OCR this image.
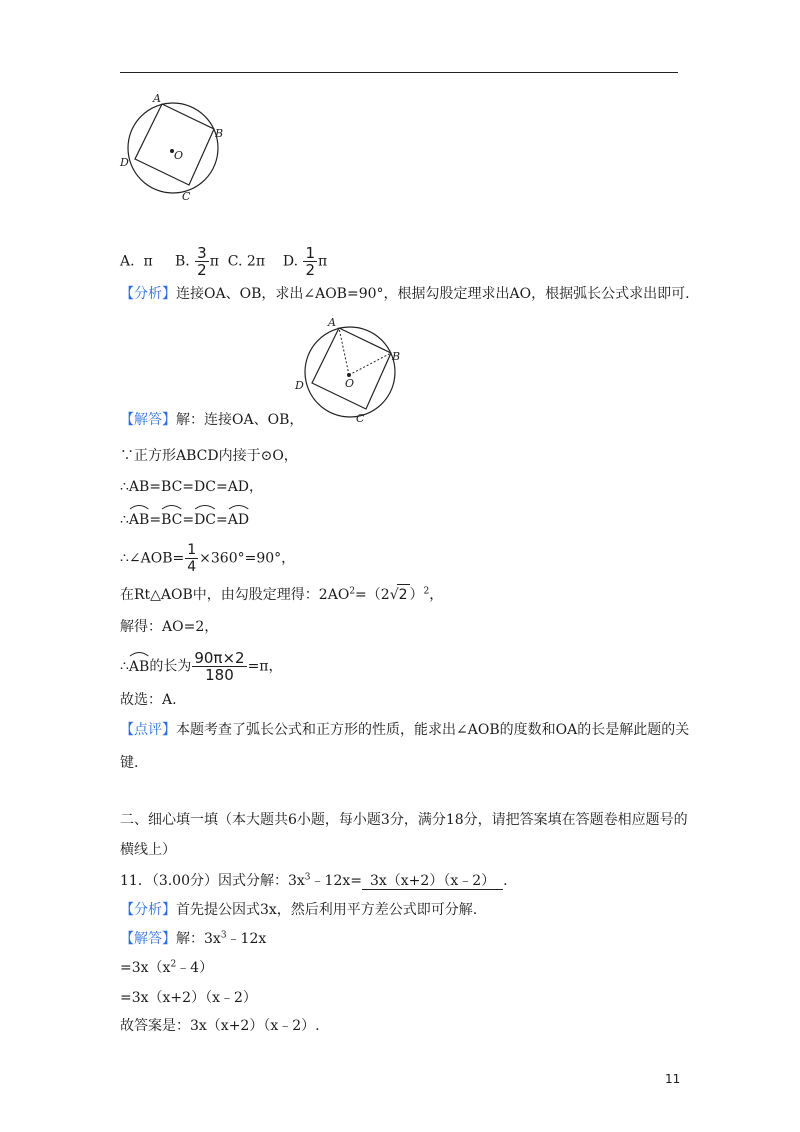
A
B
C
D
O
A. π B. $\frac{3}{2}$ π C. 2π D. $\frac{1}{2}$ π
【分析】连接OA、OB，求出∠AOB=90°，根据勾股定理求出AO，根据弧长公式求出即可.
A
B
C
D	O
【解答】解：连接OA、OB，
∵正方形ABCD内接于⊙O，
∴AB=BC=DC=AD，
∴
AB=
BC=
DC=
AD
∴∠AOB= $\frac{1}{4} \times 360^\circ=90^\circ$，
在Rt△AOB中，由勾股定理得：$2AO^2=(2√2$ ）$^2$，
解得：AO=2，
∴
AB的长为 $\frac{90\pi\times 2}{180} =\pi$，
故选：A.
【点评】本题考查了弧长公式和正方形的性质，能求出∠AOB的度数和OA的长是解此题的关
键.
二、细心填一填（本大题共6小题，每小题3分，满分18分，请把答案填在答题卷相应题号的
横线上）
11．（3.00分）因式分解：$3x^3﹣12x=$ 3x（x+2）（x﹣2） .
【分析】首先提公因式3x，然后利用平方差公式即可分解.
【解答】解：$3x^3﹣12x$
$=3x(x^2﹣4)$
=3x（x+2）（x﹣2）
故答案是：3x（x+2）（x﹣2）.
11
